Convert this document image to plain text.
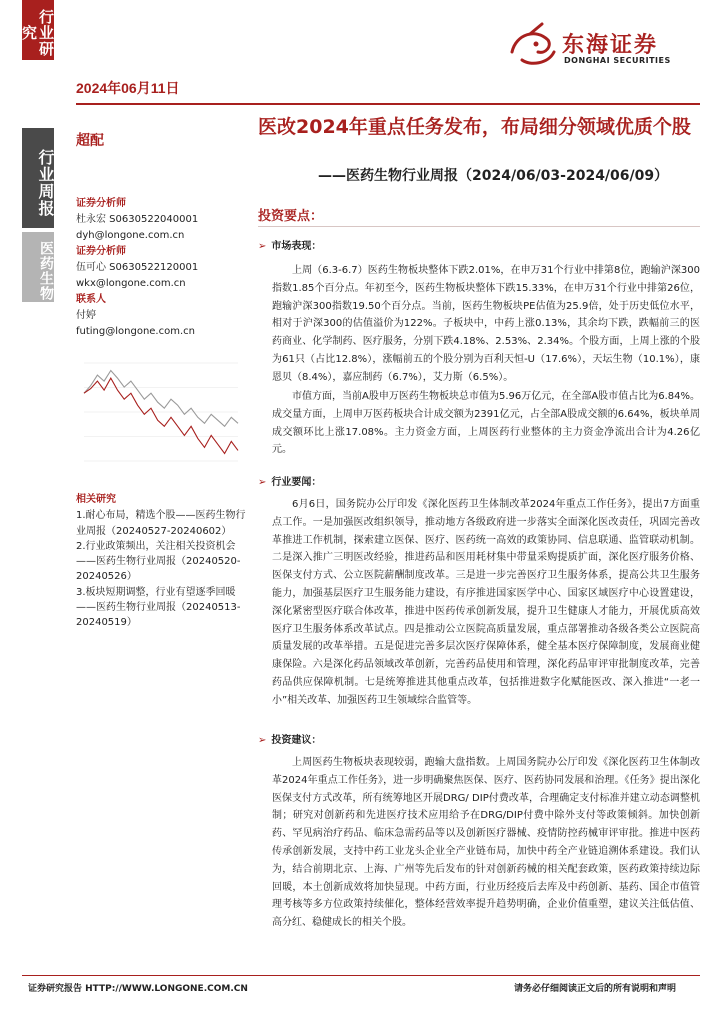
行业研究
行业周报
医药生物
东海证券
DONGHAI SECURITIES
2024年06月11日
超配
医改2024年重点任务发布，布局细分领域优质个股
——医药生物行业周报（2024/06/03-2024/06/09）
证券分析师
杜永宏 S0630522040001
dyh@longone.com.cn
证券分析师
伍可心 S0630522120001
wkx@longone.com.cn
联系人
付婷
futing@longone.com.cn
相关研究
1.耐心布局，精选个股——医药生物行业周报（20240527-20240602）
2.行业政策频出，关注相关投资机会——医药生物行业周报（20240520-20240526）
3.板块短期调整，行业有望逐季回暖——医药生物行业周报（20240513-20240519）
投资要点：
➢ 市场表现：
上周（6.3-6.7）医药生物板块整体下跌2.01%，在申万31个行业中排第8位，跑输沪深300指数1.85个百分点。年初至今，医药生物板块整体下跌15.33%，在申万31个行业中排第26位，跑输沪深300指数19.50个百分点。当前，医药生物板块PE估值为25.9倍，处于历史低位水平，相对于沪深300的估值溢价为122%。子板块中，中药上涨0.13%，其余均下跌，跌幅前三的医药商业、化学制药、医疗服务，分别下跌4.18%、2.53%、2.34%。个股方面，上周上涨的个股为61只（占比12.8%），涨幅前五的个股分别为百利天恒-U（17.6%），天坛生物（10.1%），康恩贝（8.4%），嘉应制药（6.7%），艾力斯（6.5%）。
市值方面，当前A股申万医药生物板块总市值为5.96万亿元，在全部A股市值占比为6.84%。成交量方面，上周申万医药板块合计成交额为2391亿元，占全部A股成交额的6.64%，板块单周成交额环比上涨17.08%。主力资金方面，上周医药行业整体的主力资金净流出合计为4.26亿元。
➢ 行业要闻：
6月6日，国务院办公厅印发《深化医药卫生体制改革2024年重点工作任务》，提出7方面重点工作。一是加强医改组织领导，推动地方各级政府进一步落实全面深化医改责任，巩固完善改革推进工作机制，探索建立医保、医疗、医药统一高效的政策协同、信息联通、监管联动机制。二是深入推广三明医改经验，推进药品和医用耗材集中带量采购提质扩面，深化医疗服务价格、医保支付方式、公立医院薪酬制度改革。三是进一步完善医疗卫生服务体系，提高公共卫生服务能力，加强基层医疗卫生服务能力建设，有序推进国家医学中心、国家区域医疗中心设置建设，深化紧密型医疗联合体改革，推进中医药传承创新发展，提升卫生健康人才能力，开展优质高效医疗卫生服务体系改革试点。四是推动公立医院高质量发展，重点部署推动各级各类公立医院高质量发展的改革举措。五是促进完善多层次医疗保障体系，健全基本医疗保障制度，发展商业健康保险。六是深化药品领域改革创新，完善药品使用和管理，深化药品审评审批制度改革，完善药品供应保障机制。七是统筹推进其他重点改革，包括推进数字化赋能医改、深入推进“一老一小”相关改革、加强医药卫生领域综合监管等。
➢ 投资建议：
上周医药生物板块表现较弱，跑输大盘指数。上周国务院办公厅印发《深化医药卫生体制改革2024年重点工作任务》，进一步明确聚焦医保、医疗、医药协同发展和治理。《任务》提出深化医保支付方式改革，所有统筹地区开展DRG/ DIP付费改革，合理确定支付标准并建立动态调整机制；研究对创新药和先进医疗技术应用给予在DRG/DIP付费中除外支付等政策倾斜。加快创新药、罕见病治疗药品、临床急需药品等以及创新医疗器械、疫情防控药械审评审批。推进中医药传承创新发展，支持中药工业龙头企业全产业链布局，加快中药全产业链追溯体系建设。我们认为，结合前期北京、上海、广州等先后发布的针对创新药械的相关配套政策，医药政策持续边际回暖，本土创新成效将加快显现。中药方面，行业历经疫后去库及中药创新、基药、国企市值管理考核等多方位政策持续催化，整体经营效率提升趋势明确，企业价值重塑，建议关注低估值、高分红、稳健成长的相关个股。
证券研究报告 HTTP://WWW.LONGONE.COM.CN	请务必仔细阅读正文后的所有说明和声明
